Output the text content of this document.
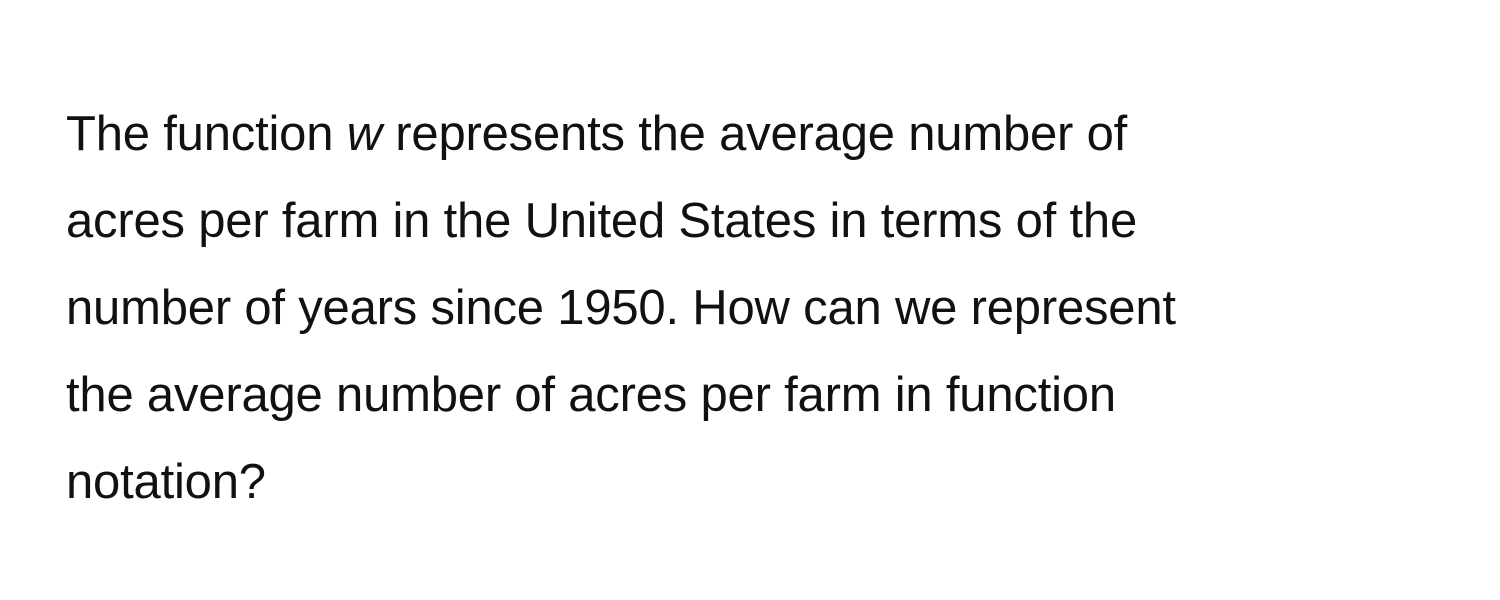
The function w represents the average number of
acres per farm in the United States in terms of the
number of years since 1950. How can we represent
the average number of acres per farm in function
notation?
